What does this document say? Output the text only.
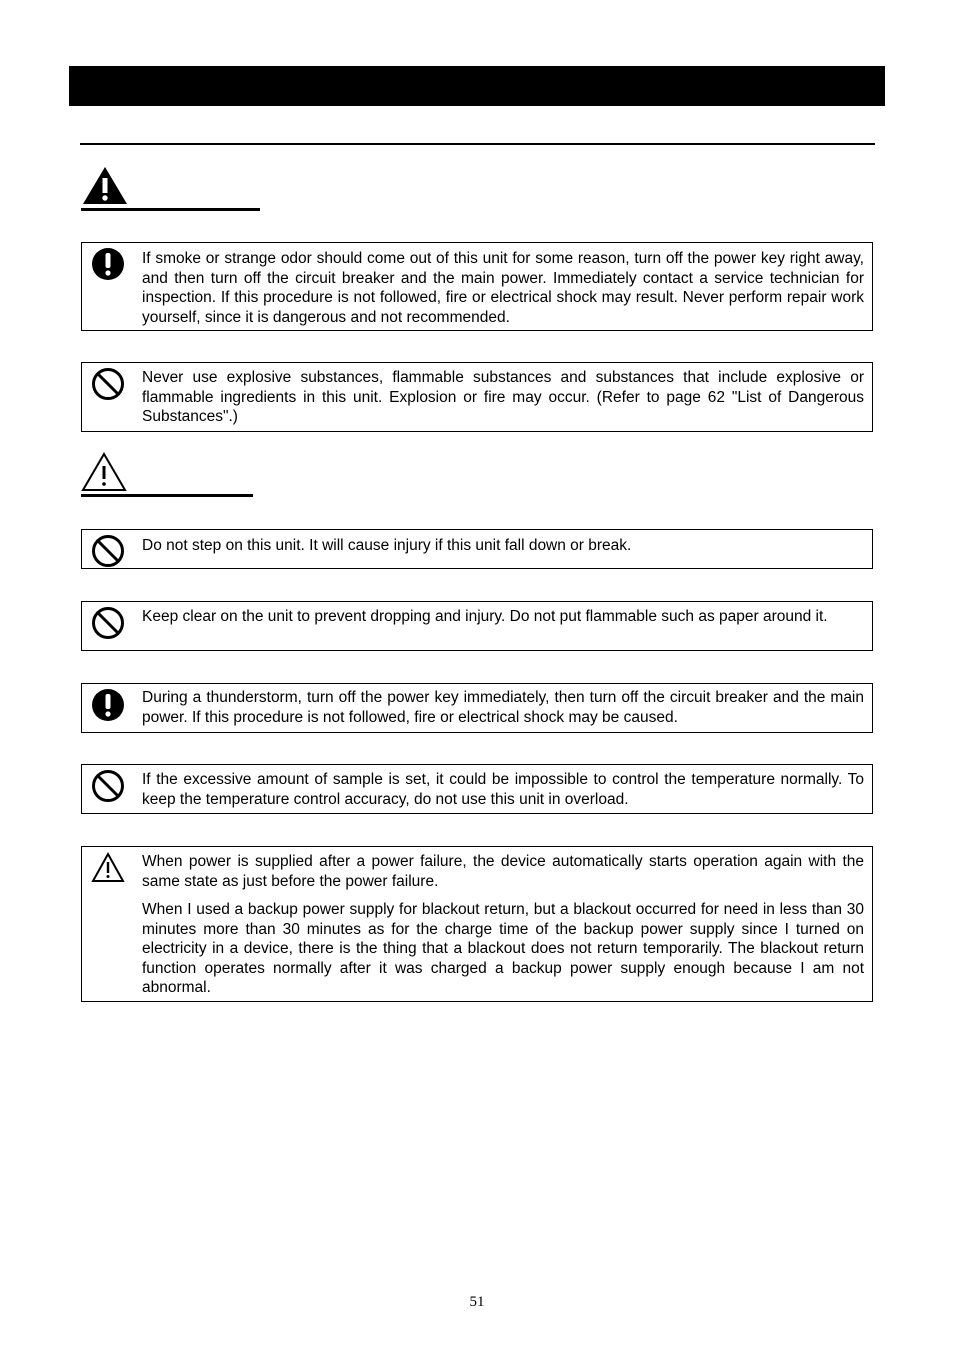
If smoke or strange odor should come out of this unit for some reason, turn off the power key right away, and then turn off the circuit breaker and the main power. Immediately contact a service technician for inspection. If this procedure is not followed, fire or electrical shock may result. Never perform repair work yourself, since it is dangerous and not recommended.

Never use explosive substances, flammable substances and substances that include explosive or flammable ingredients in this unit. Explosion or fire may occur. (Refer to page 62 "List of Dangerous Substances".)

Do not step on this unit. It will cause injury if this unit fall down or break.

Keep clear on the unit to prevent dropping and injury. Do not put flammable such as paper around it.

During a thunderstorm, turn off the power key immediately, then turn off the circuit breaker and the main power. If this procedure is not followed, fire or electrical shock may be caused.

If the excessive amount of sample is set, it could be impossible to control the temperature normally. To keep the temperature control accuracy, do not use this unit in overload.

When power is supplied after a power failure, the device automatically starts operation again with the same state as just before the power failure.

When I used a backup power supply for blackout return, but a blackout occurred for need in less than 30 minutes more than 30 minutes as for the charge time of the backup power supply since I turned on electricity in a device, there is the thing that a blackout does not return temporarily. The blackout return function operates normally after it was charged a backup power supply enough because I am not abnormal.

51
